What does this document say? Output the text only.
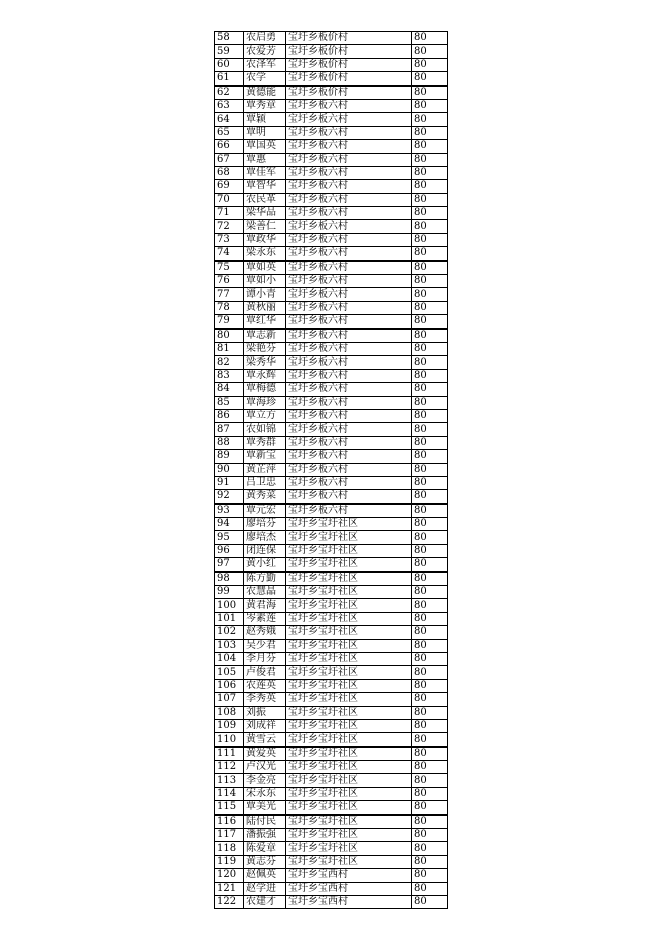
58	农启勇	宝圩乡板价村	80
59	农爱芳	宝圩乡板价村	80
60	农泽军	宝圩乡板价村	80
61	农学	宝圩乡板价村	80
62	黄德能	宝圩乡板价村	80
63	覃秀章	宝圩乡板六村	80
64	覃颖	宝圩乡板六村	80
65	覃明	宝圩乡板六村	80
66	覃国英	宝圩乡板六村	80
67	覃惠	宝圩乡板六村	80
68	覃佳军	宝圩乡板六村	80
69	覃智华	宝圩乡板六村	80
70	农民革	宝圩乡板六村	80
71	梁华品	宝圩乡板六村	80
72	梁善仁	宝圩乡板六村	80
73	覃政华	宝圩乡板六村	80
74	梁永东	宝圩乡板六村	80
75	覃如英	宝圩乡板六村	80
76	覃如小	宝圩乡板六村	80
77	谭小青	宝圩乡板六村	80
78	黄秋丽	宝圩乡板六村	80
79	覃红华	宝圩乡板六村	80
80	覃志新	宝圩乡板六村	80
81	梁艳芬	宝圩乡板六村	80
82	梁秀华	宝圩乡板六村	80
83	覃永辉	宝圩乡板六村	80
84	覃梅德	宝圩乡板六村	80
85	覃海珍	宝圩乡板六村	80
86	覃立方	宝圩乡板六村	80
87	农如锦	宝圩乡板六村	80
88	覃秀群	宝圩乡板六村	80
89	覃新宝	宝圩乡板六村	80
90	黄芷萍	宝圩乡板六村	80
91	吕卫忠	宝圩乡板六村	80
92	黄秀菜	宝圩乡板六村	80
93	覃元宏	宝圩乡板六村	80
94	廖培芬	宝圩乡宝圩社区	80
95	廖培杰	宝圩乡宝圩社区	80
96	闭连保	宝圩乡宝圩社区	80
97	黄小红	宝圩乡宝圩社区	80
98	陈方勤	宝圩乡宝圩社区	80
99	农慧晶	宝圩乡宝圩社区	80
100	黄君海	宝圩乡宝圩社区	80
101	岑素莲	宝圩乡宝圩社区	80
102	赵秀娥	宝圩乡宝圩社区	80
103	吴少君	宝圩乡宝圩社区	80
104	李月芬	宝圩乡宝圩社区	80
105	卢俊君	宝圩乡宝圩社区	80
106	农莲英	宝圩乡宝圩社区	80
107	李秀英	宝圩乡宝圩社区	80
108	刘振	宝圩乡宝圩社区	80
109	刘成祥	宝圩乡宝圩社区	80
110	黄雪云	宝圩乡宝圩社区	80
111	黄爱英	宝圩乡宝圩社区	80
112	卢汉光	宝圩乡宝圩社区	80
113	李金亮	宝圩乡宝圩社区	80
114	宋永东	宝圩乡宝圩社区	80
115	覃美光	宝圩乡宝圩社区	80
116	陆付民	宝圩乡宝圩社区	80
117	潘振强	宝圩乡宝圩社区	80
118	陈爱章	宝圩乡宝圩社区	80
119	黄志芬	宝圩乡宝圩社区	80
120	赵佩英	宝圩乡宝西村	80
121	赵学进	宝圩乡宝西村	80
122	农建才	宝圩乡宝西村	80
